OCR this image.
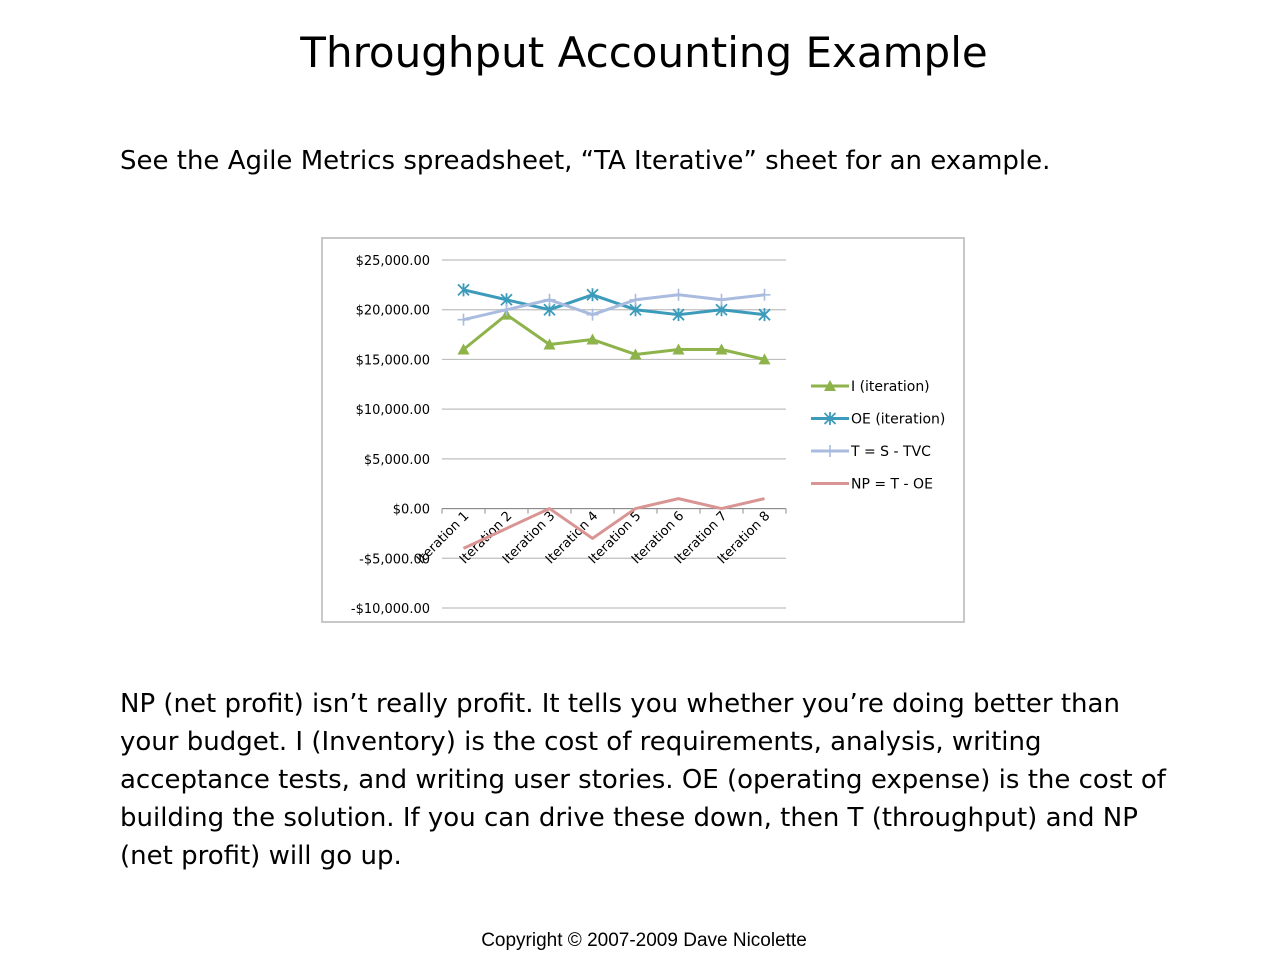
Throughput Accounting Example
See the Agile Metrics spreadsheet, “TA Iterative” sheet for an example.
$25,000.00
$20,000.00
$15,000.00
$10,000.00
$5,000.00
$0.00
-$5,000.00
-$10,000.00
Iteration 1
Iteration 2
Iteration 3
Iteration 4
Iteration 5
Iteration 6
Iteration 7
Iteration 8
I (iteration)
OE (iteration)
T = S - TVC
NP = T - OE
NP (net profit) isn’t really profit. It tells you whether you’re doing better than your budget. I (Inventory) is the cost of requirements, analysis, writing acceptance tests, and writing user stories. OE (operating expense) is the cost of building the solution. If you can drive these down, then T (throughput) and NP (net profit) will go up.
Copyright © 2007-2009 Dave Nicolette
